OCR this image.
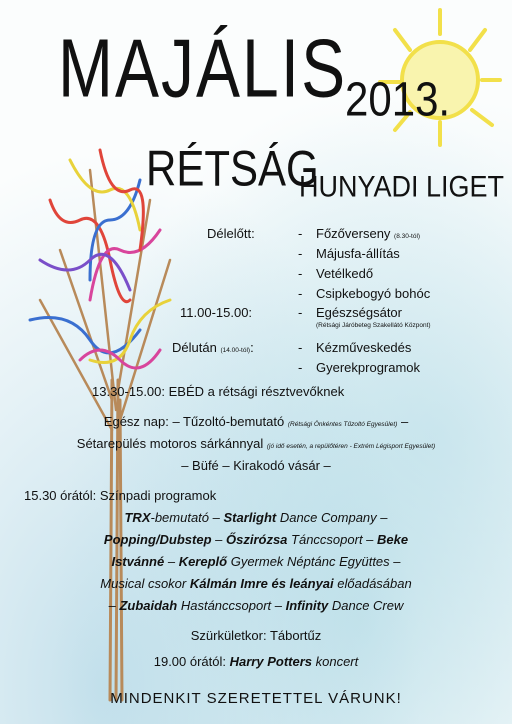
MAJÁLIS
2013.
RÉTSÁG
HUNYADI LIGET
Délelőtt:	- Főzőverseny (8.30-tól)
- Májusfa-állítás
- Vetélkedő
- Csipkebogyó bohóc
11.00-15.00:	- Egészségsátor
(Rétsági Járóbeteg Szakellátó Központ)
Délután (14.00-tól):	- Kézműveskedés
- Gyerekprogramok
13.30-15.00: EBÉD a rétsági résztvevőknek
Egész nap: – Tűzoltó-bemutató (Rétsági Önkéntes Tűzoltó Egyesület) –
Sétarepülés motoros sárkánnyal (jó idő esetén, a repülőtéren - Extrém Légisport Egyesület)
– Büfé – Kirakodó vásár –
15.30 órától: Színpadi programok
TRX-bemutató – Starlight Dance Company –
Popping/Dubstep – Őszirózsa Tánccsoport – Beke
Istvánné – Kereplő Gyermek Néptánc Együttes –
Musical csokor Kálmán Imre és leányai előadásában
– Zubaidah Hastánccsoport – Infinity Dance Crew
Szürkületkor: Tábortűz
19.00 órától: Harry Potters koncert
MINDENKIT SZERETETTEL VÁRUNK!
